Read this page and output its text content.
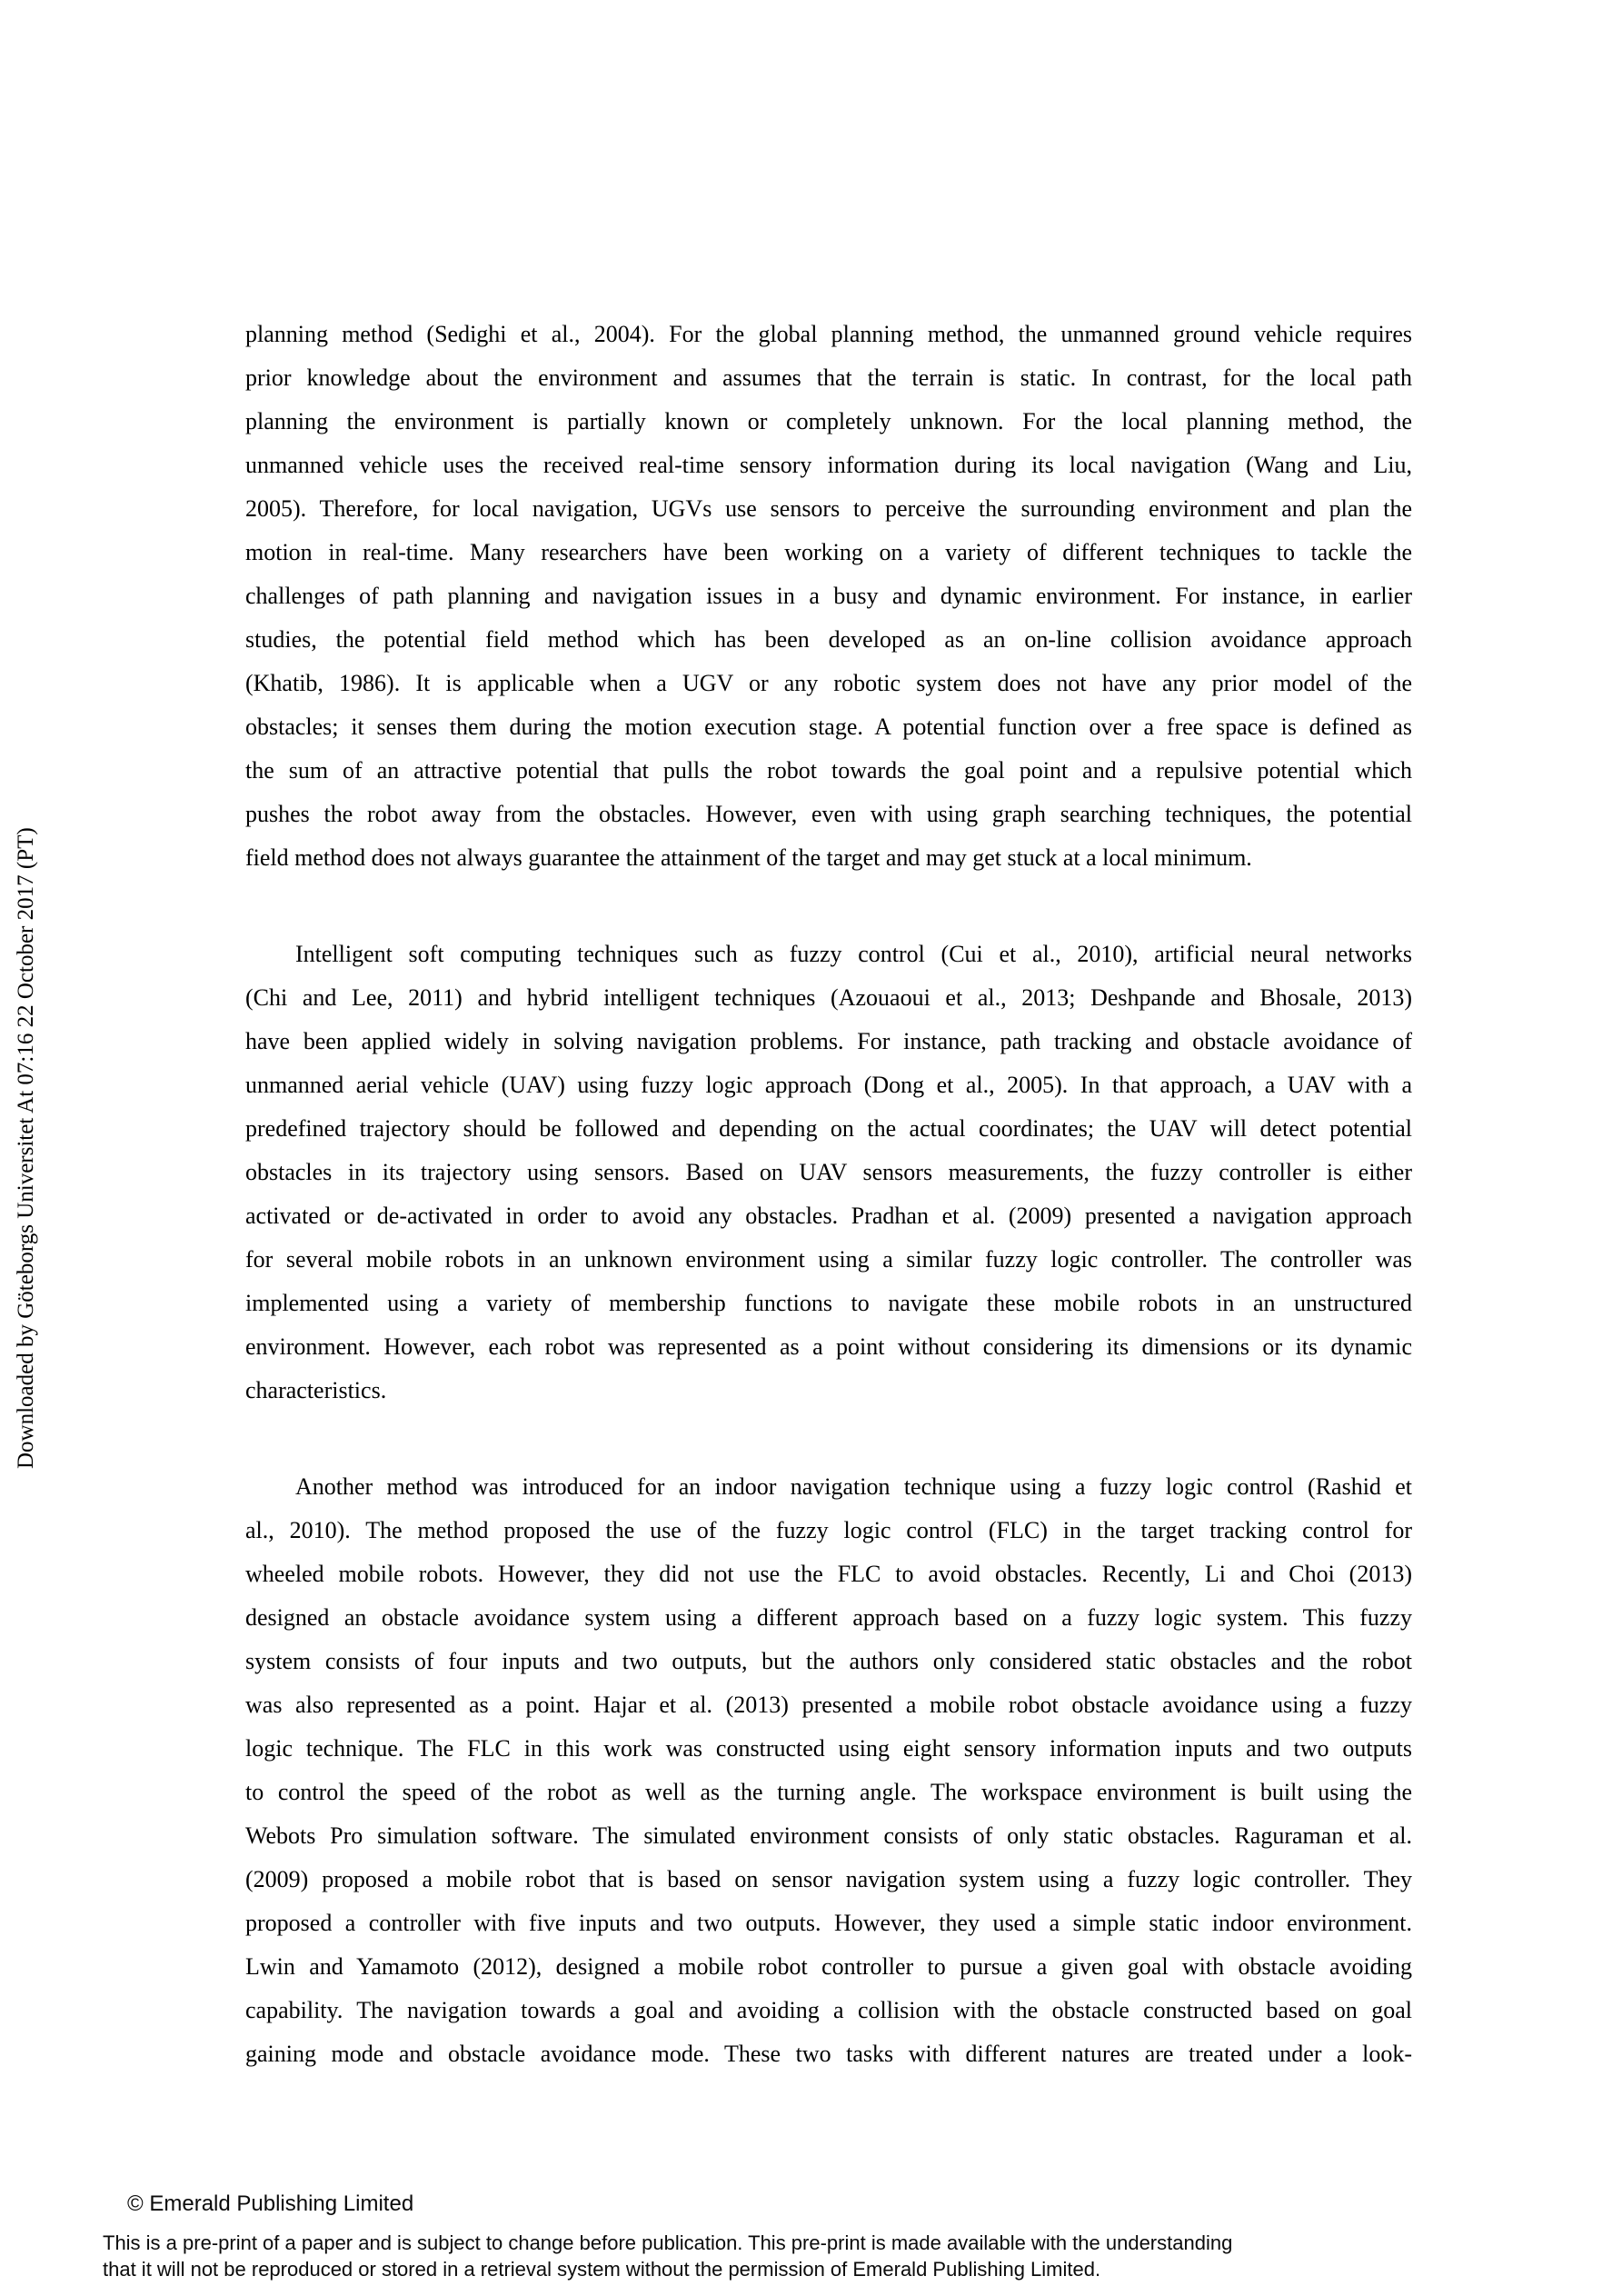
Downloaded by Göteborgs Universitet At 07:16 22 October 2017 (PT)
planning method (Sedighi et al., 2004). For the global planning method, the unmanned ground vehicle requires
prior knowledge about the environment and assumes that the terrain is static. In contrast, for the local path
planning the environment is partially known or completely unknown. For the local planning method, the
unmanned vehicle uses the received real-time sensory information during its local navigation (Wang and Liu,
2005). Therefore, for local navigation, UGVs use sensors to perceive the surrounding environment and plan the
motion in real-time. Many researchers have been working on a variety of different techniques to tackle the
challenges of path planning and navigation issues in a busy and dynamic environment. For instance, in earlier
studies, the potential field method which has been developed as an on-line collision avoidance approach
(Khatib, 1986). It is applicable when a UGV or any robotic system does not have any prior model of the
obstacles; it senses them during the motion execution stage. A potential function over a free space is defined as
the sum of an attractive potential that pulls the robot towards the goal point and a repulsive potential which
pushes the robot away from the obstacles. However, even with using graph searching techniques, the potential
field method does not always guarantee the attainment of the target and may get stuck at a local minimum.
Intelligent soft computing techniques such as fuzzy control (Cui et al., 2010), artificial neural networks
(Chi and Lee, 2011) and hybrid intelligent techniques (Azouaoui et al., 2013; Deshpande and Bhosale, 2013)
have been applied widely in solving navigation problems. For instance, path tracking and obstacle avoidance of
unmanned aerial vehicle (UAV) using fuzzy logic approach (Dong et al., 2005). In that approach, a UAV with a
predefined trajectory should be followed and depending on the actual coordinates; the UAV will detect potential
obstacles in its trajectory using sensors. Based on UAV sensors measurements, the fuzzy controller is either
activated or de-activated in order to avoid any obstacles. Pradhan et al. (2009) presented a navigation approach
for several mobile robots in an unknown environment using a similar fuzzy logic controller. The controller was
implemented using a variety of membership functions to navigate these mobile robots in an unstructured
environment. However, each robot was represented as a point without considering its dimensions or its dynamic
characteristics.
Another method was introduced for an indoor navigation technique using a fuzzy logic control (Rashid et
al., 2010). The method proposed the use of the fuzzy logic control (FLC) in the target tracking control for
wheeled mobile robots. However, they did not use the FLC to avoid obstacles. Recently, Li and Choi (2013)
designed an obstacle avoidance system using a different approach based on a fuzzy logic system. This fuzzy
system consists of four inputs and two outputs, but the authors only considered static obstacles and the robot
was also represented as a point. Hajar et al. (2013) presented a mobile robot obstacle avoidance using a fuzzy
logic technique. The FLC in this work was constructed using eight sensory information inputs and two outputs
to control the speed of the robot as well as the turning angle. The workspace environment is built using the
Webots Pro simulation software. The simulated environment consists of only static obstacles. Raguraman et al.
(2009) proposed a mobile robot that is based on sensor navigation system using a fuzzy logic controller. They
proposed a controller with five inputs and two outputs. However, they used a simple static indoor environment.
Lwin and Yamamoto (2012), designed a mobile robot controller to pursue a given goal with obstacle avoiding
capability. The navigation towards a goal and avoiding a collision with the obstacle constructed based on goal
gaining mode and obstacle avoidance mode. These two tasks with different natures are treated under a look-
© Emerald Publishing Limited
This is a pre-print of a paper and is subject to change before publication. This pre-print is made available with the understanding
that it will not be reproduced or stored in a retrieval system without the permission of Emerald Publishing Limited.
